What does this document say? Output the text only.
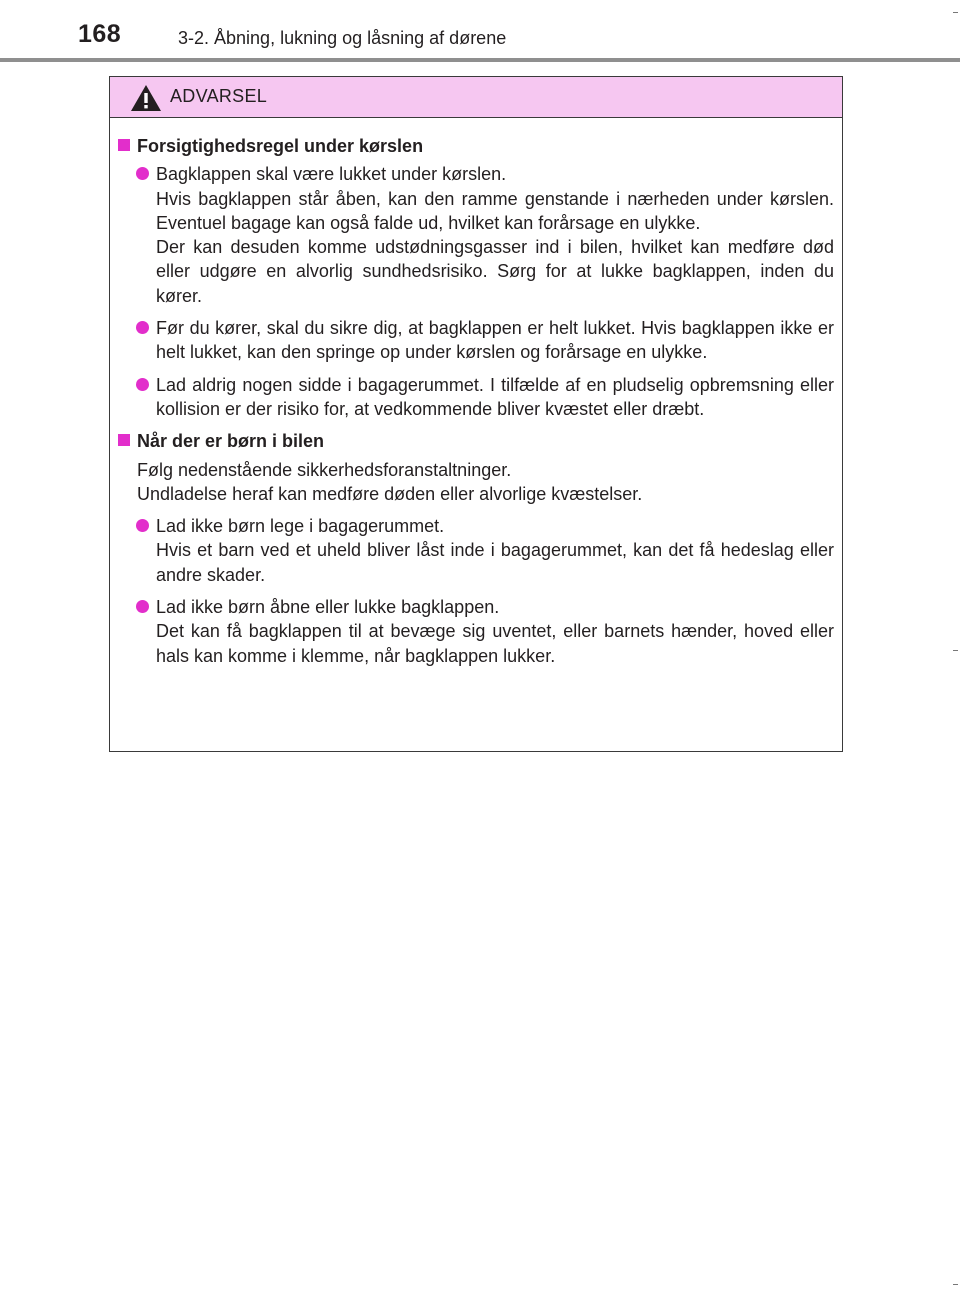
168	3-2. Åbning, lukning og låsning af dørene
ADVARSEL
Forsigtighedsregel under kørslen

Bagklappen skal være lukket under kørslen.

Hvis bagklappen står åben, kan den ramme genstande i nærheden under kørslen. Eventuel bagage kan også falde ud, hvilket kan forårsage en ulykke.

Der kan desuden komme udstødningsgasser ind i bilen, hvilket kan medføre død eller udgøre en alvorlig sundhedsrisiko. Sørg for at lukke bagklappen, inden du kører.

Før du kører, skal du sikre dig, at bagklappen er helt lukket. Hvis bagklappen ikke er helt lukket, kan den springe op under kørslen og forårsage en ulykke.

Lad aldrig nogen sidde i bagagerummet. I tilfælde af en pludselig opbremsning eller kollision er der risiko for, at vedkommende bliver kvæstet eller dræbt.

Når der er børn i bilen

Følg nedenstående sikkerhedsforanstaltninger.

Undladelse heraf kan medføre døden eller alvorlige kvæstelser.

Lad ikke børn lege i bagagerummet.

Hvis et barn ved et uheld bliver låst inde i bagagerummet, kan det få hedeslag eller andre skader.

Lad ikke børn åbne eller lukke bagklappen.

Det kan få bagklappen til at bevæge sig uventet, eller barnets hænder, hoved eller hals kan komme i klemme, når bagklappen lukker.
